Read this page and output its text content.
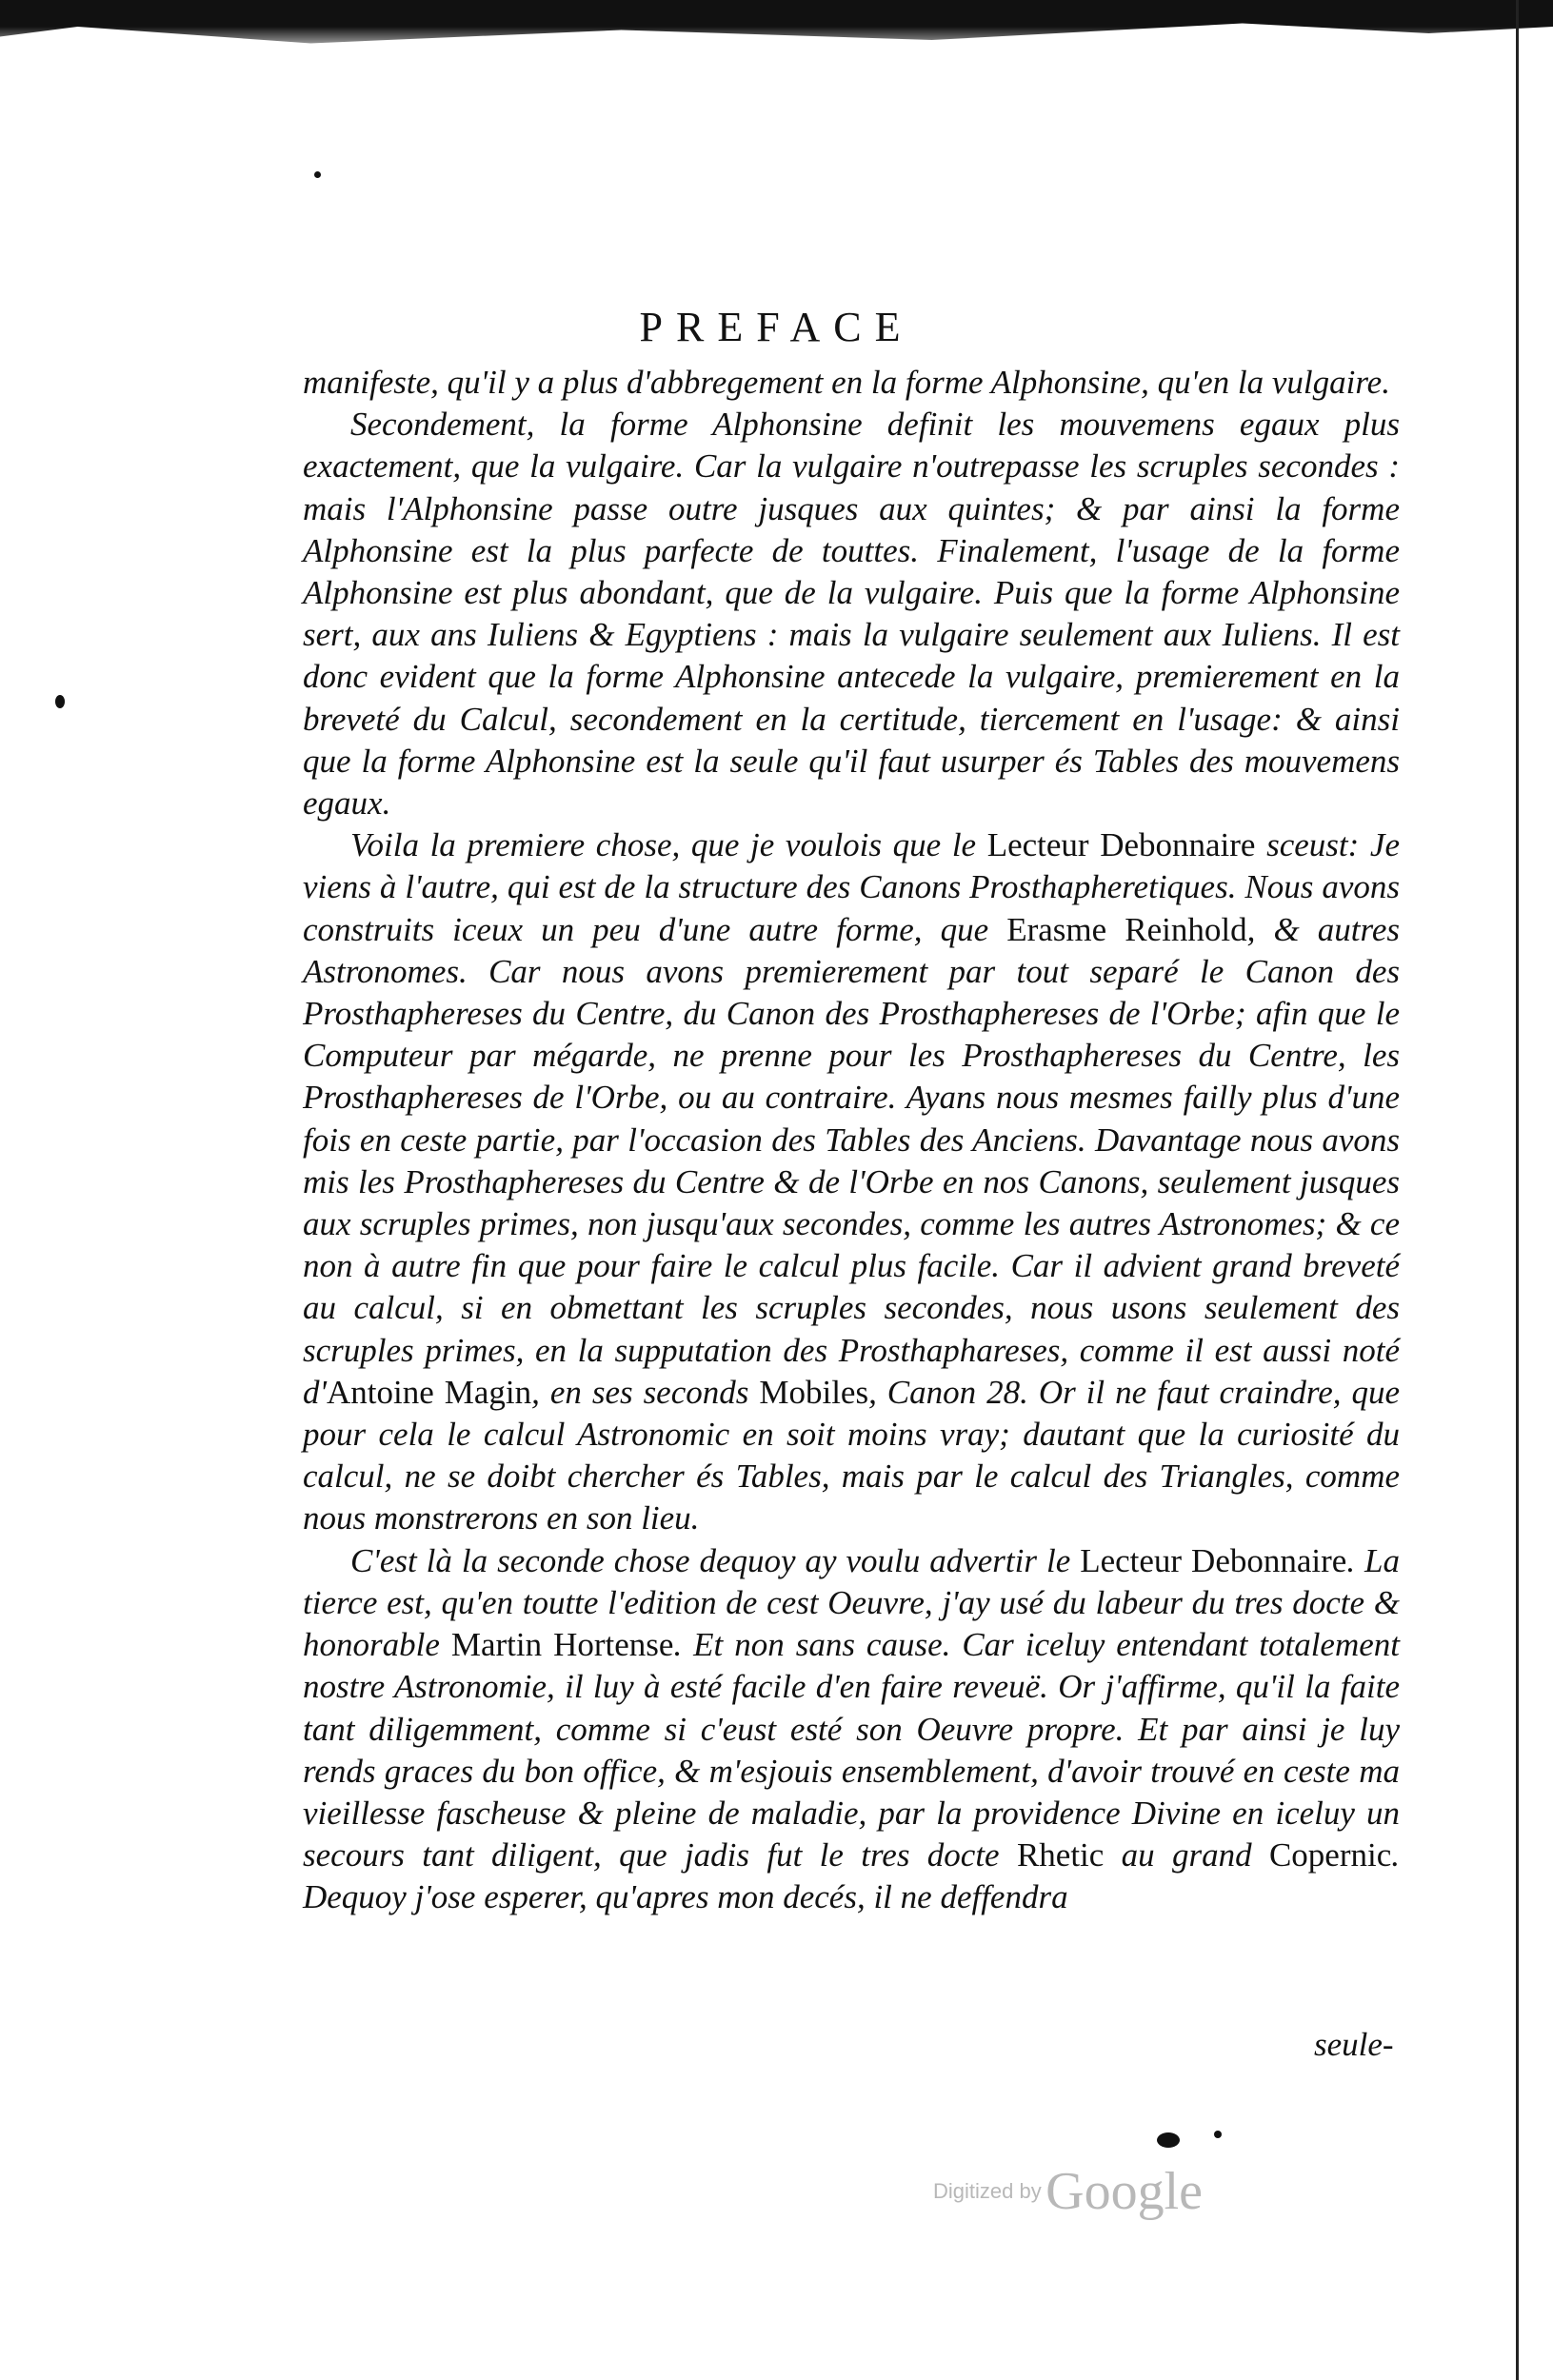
PREFACE

manifeste, qu'il y a plus d'abbregement en la forme Alphonsine, qu'en la vulgaire.

Secondement, la forme Alphonsine definit les mouvemens egaux plus exactement, que la vulgaire. Car la vulgaire n'outrepasse les scruples secondes : mais l'Alphonsine passe outre jusques aux quintes; & par ainsi la forme Alphonsine est la plus parfecte de touttes. Finalement, l'usage de la forme Alphonsine est plus abondant, que de la vulgaire. Puis que la forme Alphonsine sert, aux ans Iuliens & Egyptiens : mais la vulgaire seulement aux Iuliens. Il est donc evident que la forme Alphonsine antecede la vulgaire, premierement en la breveté du Calcul, secondement en la certitude, tiercement en l'usage: & ainsi que la forme Alphonsine est la seule qu'il faut usurper és Tables des mouvemens egaux.

Voila la premiere chose, que je voulois que le Lecteur Debonnaire sceust: Je viens à l'autre, qui est de la structure des Canons Prosthapheretiques. Nous avons construits iceux un peu d'une autre forme, que Erasme Reinhold, & autres Astronomes. Car nous avons premierement par tout separé le Canon des Prosthaphereses du Centre, du Canon des Prosthaphereses de l'Orbe; afin que le Computeur par mégarde, ne prenne pour les Prosthaphereses du Centre, les Prosthaphereses de l'Orbe, ou au contraire. Ayans nous mesmes failly plus d'une fois en ceste partie, par l'occasion des Tables des Anciens. Davantage nous avons mis les Prosthaphereses du Centre & de l'Orbe en nos Canons, seulement jusques aux scruples primes, non jusqu'aux secondes, comme les autres Astronomes; & ce non à autre fin que pour faire le calcul plus facile. Car il advient grand breveté au calcul, si en obmettant les scruples secondes, nous usons seulement des scruples primes, en la supputation des Prosthaphareses, comme il est aussi noté d'Antoine Magin, en ses seconds Mobiles, Canon 28. Or il ne faut craindre, que pour cela le calcul Astronomic en soit moins vray; dautant que la curiosité du calcul, ne se doibt chercher és Tables, mais par le calcul des Triangles, comme nous monstrerons en son lieu.

C'est là la seconde chose dequoy ay voulu advertir le Lecteur Debonnaire. La tierce est, qu'en toutte l'edition de cest Oeuvre, j'ay usé du labeur du tres docte & honorable Martin Hortense. Et non sans cause. Car iceluy entendant totalement nostre Astronomie, il luy à esté facile d'en faire reveuë. Or j'affirme, qu'il la faite tant diligemment, comme si c'eust esté son Oeuvre propre. Et par ainsi je luy rends graces du bon office, & m'esjouis ensemblement, d'avoir trouvé en ceste ma vieillesse fascheuse & pleine de maladie, par la providence Divine en iceluy un secours tant diligent, que jadis fut le tres docte Rhetic au grand Copernic. Dequoy j'ose esperer, qu'apres mon decés, il ne deffendra

seule-
Digitized by Google
